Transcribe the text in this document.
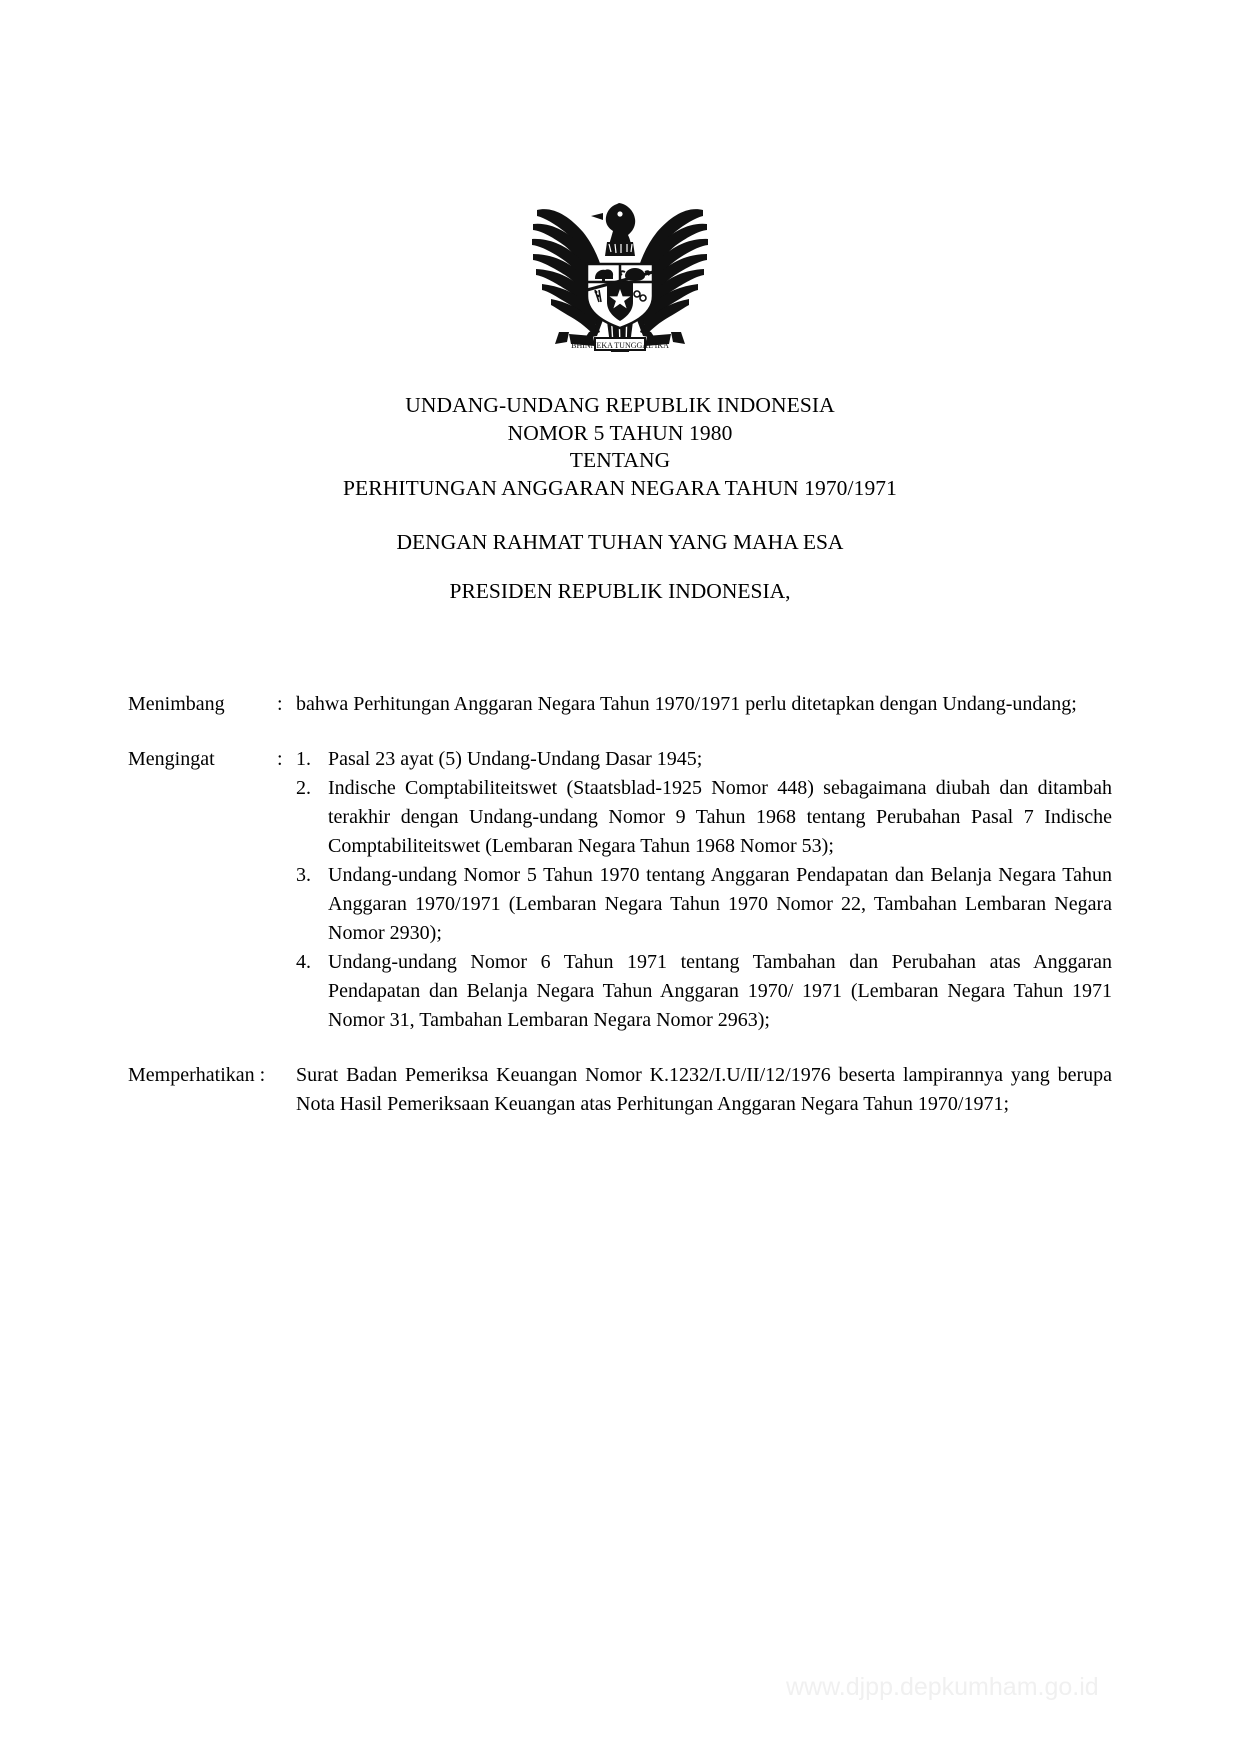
BHINNEKA TUNGGAL IKA
UNDANG-UNDANG REPUBLIK INDONESIA
NOMOR 5 TAHUN 1980
TENTANG
PERHITUNGAN ANGGARAN NEGARA TAHUN 1970/1971
DENGAN RAHMAT TUHAN YANG MAHA ESA
PRESIDEN REPUBLIK INDONESIA,
Menimbang	: bahwa Perhitungan Anggaran Negara Tahun 1970/1971 perlu ditetapkan dengan Undang-undang;

Mengingat	: 1. Pasal 23 ayat (5) Undang-Undang Dasar 1945;
2. Indische Comptabiliteitswet (Staatsblad-1925 Nomor 448) sebagaimana diubah dan ditambah terakhir dengan Undang-undang Nomor 9 Tahun 1968 tentang Perubahan Pasal 7 Indische Comptabiliteitswet (Lembaran Negara Tahun 1968 Nomor 53);
3. Undang-undang Nomor 5 Tahun 1970 tentang Anggaran Pendapatan dan Belanja Negara Tahun Anggaran 1970/1971 (Lembaran Negara Tahun 1970 Nomor 22, Tambahan Lembaran Negara Nomor 2930);
4. Undang-undang Nomor 6 Tahun 1971 tentang Tambahan dan Perubahan atas Anggaran Pendapatan dan Belanja Negara Tahun Anggaran 1970/ 1971 (Lembaran Negara Tahun 1971 Nomor 31, Tambahan Lembaran Negara Nomor 2963);
Memperhatikan :	Surat Badan Pemeriksa Keuangan Nomor K.1232/I.U/II/12/1976 beserta lampirannya yang berupa Nota Hasil Pemeriksaan Keuangan atas Perhitungan Anggaran Negara Tahun 1970/1971;

www.djpp.depkumham.go.id
